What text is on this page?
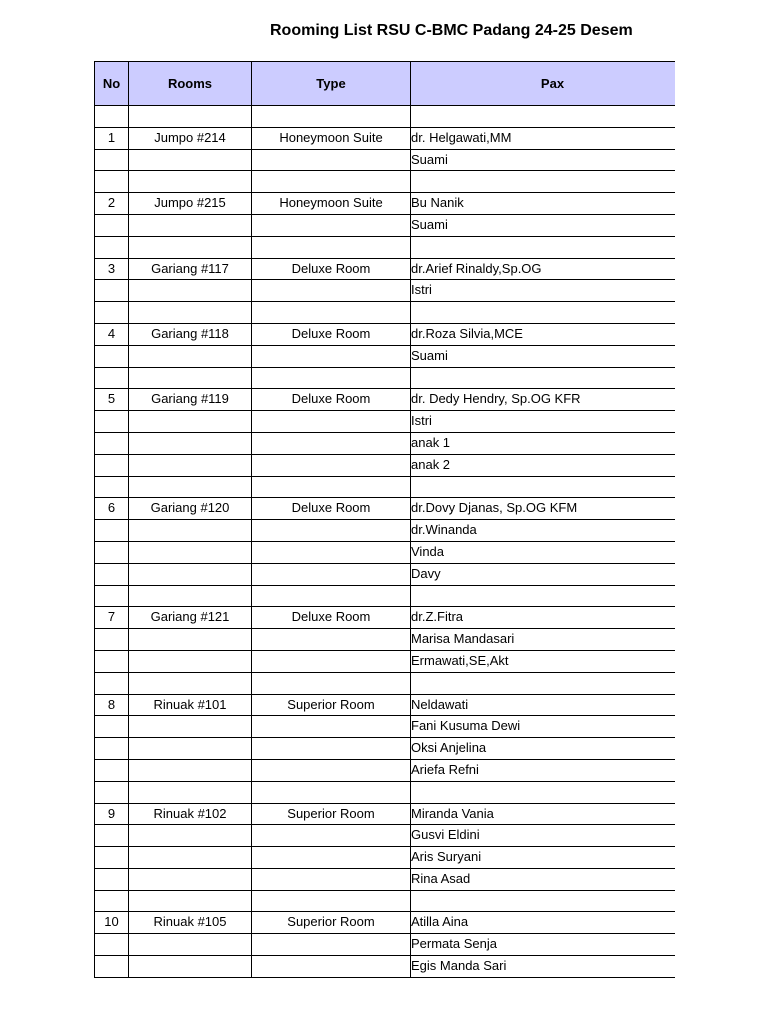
Rooming List RSU C-BMC Padang 24-25 Desem
No	Rooms	Type	Pax

1	Jumpo #214	Honeymoon Suite	dr. Helgawati,MM
			Suami

2	Jumpo #215	Honeymoon Suite	Bu Nanik
			Suami

3	Gariang #117	Deluxe Room	dr.Arief Rinaldy,Sp.OG
			Istri

4	Gariang #118	Deluxe Room	dr.Roza Silvia,MCE
			Suami

5	Gariang #119	Deluxe Room	dr. Dedy Hendry, Sp.OG KFR
			Istri
			anak 1
			anak 2

6	Gariang #120	Deluxe Room	dr.Dovy Djanas, Sp.OG KFM
			dr.Winanda
			Vinda
			Davy

7	Gariang #121	Deluxe Room	dr.Z.Fitra
			Marisa Mandasari
			Ermawati,SE,Akt

8	Rinuak #101	Superior Room	Neldawati
			Fani Kusuma Dewi
			Oksi Anjelina
			Ariefa Refni

9	Rinuak #102	Superior Room	Miranda Vania
			Gusvi Eldini
			Aris Suryani
			Rina Asad

10	Rinuak #105	Superior Room	Atilla Aina
			Permata Senja
			Egis Manda Sari
